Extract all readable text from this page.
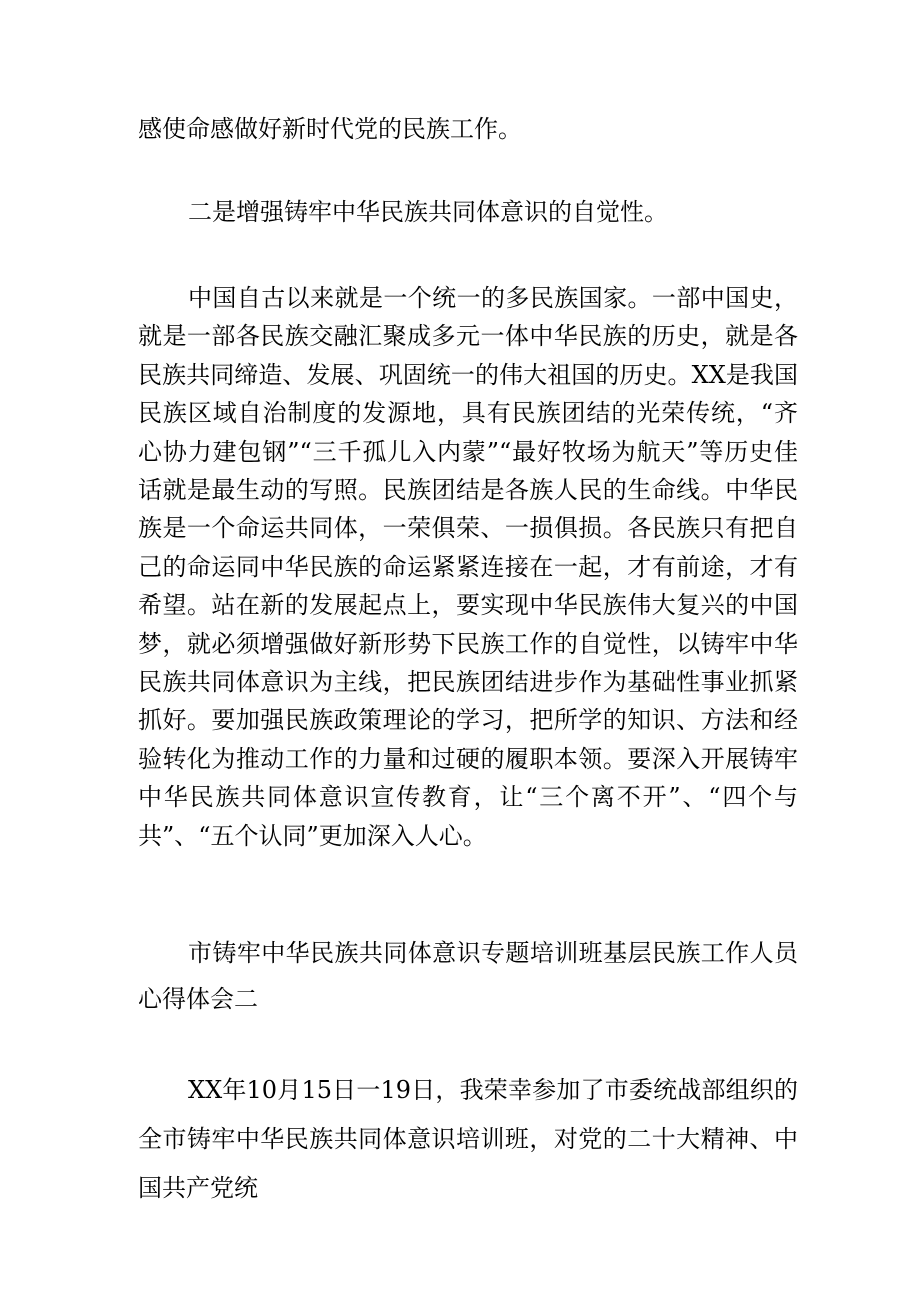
感使命感做好新时代党的民族工作。

二是增强铸牢中华民族共同体意识的自觉性。

中国自古以来就是一个统一的多民族国家。一部中国史，就是一部各民族交融汇聚成多元一体中华民族的历史，就是各民族共同缔造、发展、巩固统一的伟大祖国的历史。XX是我国民族区域自治制度的发源地，具有民族团结的光荣传统，“齐心协力建包钢”“三千孤儿入内蒙”“最好牧场为航天”等历史佳话就是最生动的写照。民族团结是各族人民的生命线。中华民族是一个命运共同体，一荣俱荣、一损俱损。各民族只有把自己的命运同中华民族的命运紧紧连接在一起，才有前途，才有希望。站在新的发展起点上，要实现中华民族伟大复兴的中国梦，就必须增强做好新形势下民族工作的自觉性，以铸牢中华民族共同体意识为主线，把民族团结进步作为基础性事业抓紧抓好。要加强民族政策理论的学习，把所学的知识、方法和经验转化为推动工作的力量和过硬的履职本领。要深入开展铸牢中华民族共同体意识宣传教育，让“三个离不开”、“四个与共”、“五个认同”更加深入人心。

市铸牢中华民族共同体意识专题培训班基层民族工作人员心得体会二

XX年10月15日一19日，我荣幸参加了市委统战部组织的全市铸牢中华民族共同体意识培训班，对党的二十大精神、中国共产党统
